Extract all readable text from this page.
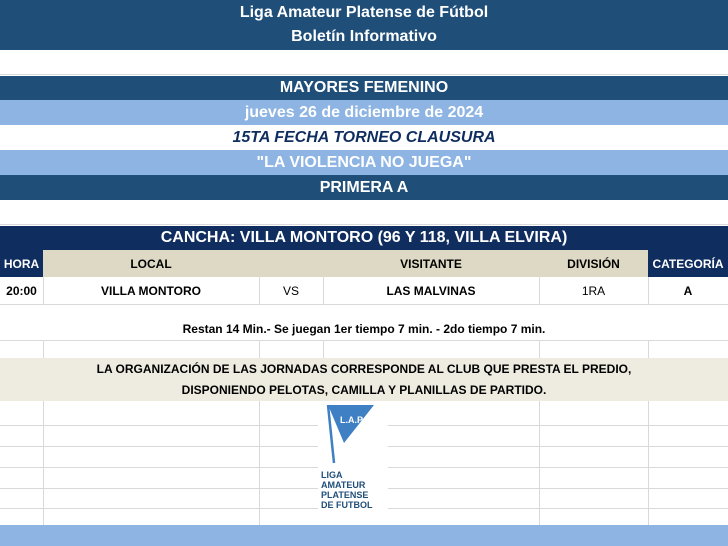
Liga Amateur Platense de Fútbol
Boletín Informativo
MAYORES FEMENINO
jueves 26 de diciembre de 2024
15TA FECHA TORNEO CLAUSURA
"LA VIOLENCIA NO JUEGA"
PRIMERA A
CANCHA: VILLA MONTORO (96 Y 118, VILLA ELVIRA)
HORA	LOCAL	VISITANTE	DIVISIÓN	CATEGORÍA
20:00	VILLA MONTORO	VS	LAS MALVINAS	1RA	A
Restan 14 Min.- Se juegan 1er tiempo 7 min. - 2do tiempo 7 min.
LA ORGANIZACIÓN DE LAS JORNADAS CORRESPONDE AL CLUB QUE PRESTA EL PREDIO,
DISPONIENDO PELOTAS, CAMILLA Y PLANILLAS DE PARTIDO.
L.A.P.
LIGA
AMATEUR
PLATENSE
DE FUTBOL
